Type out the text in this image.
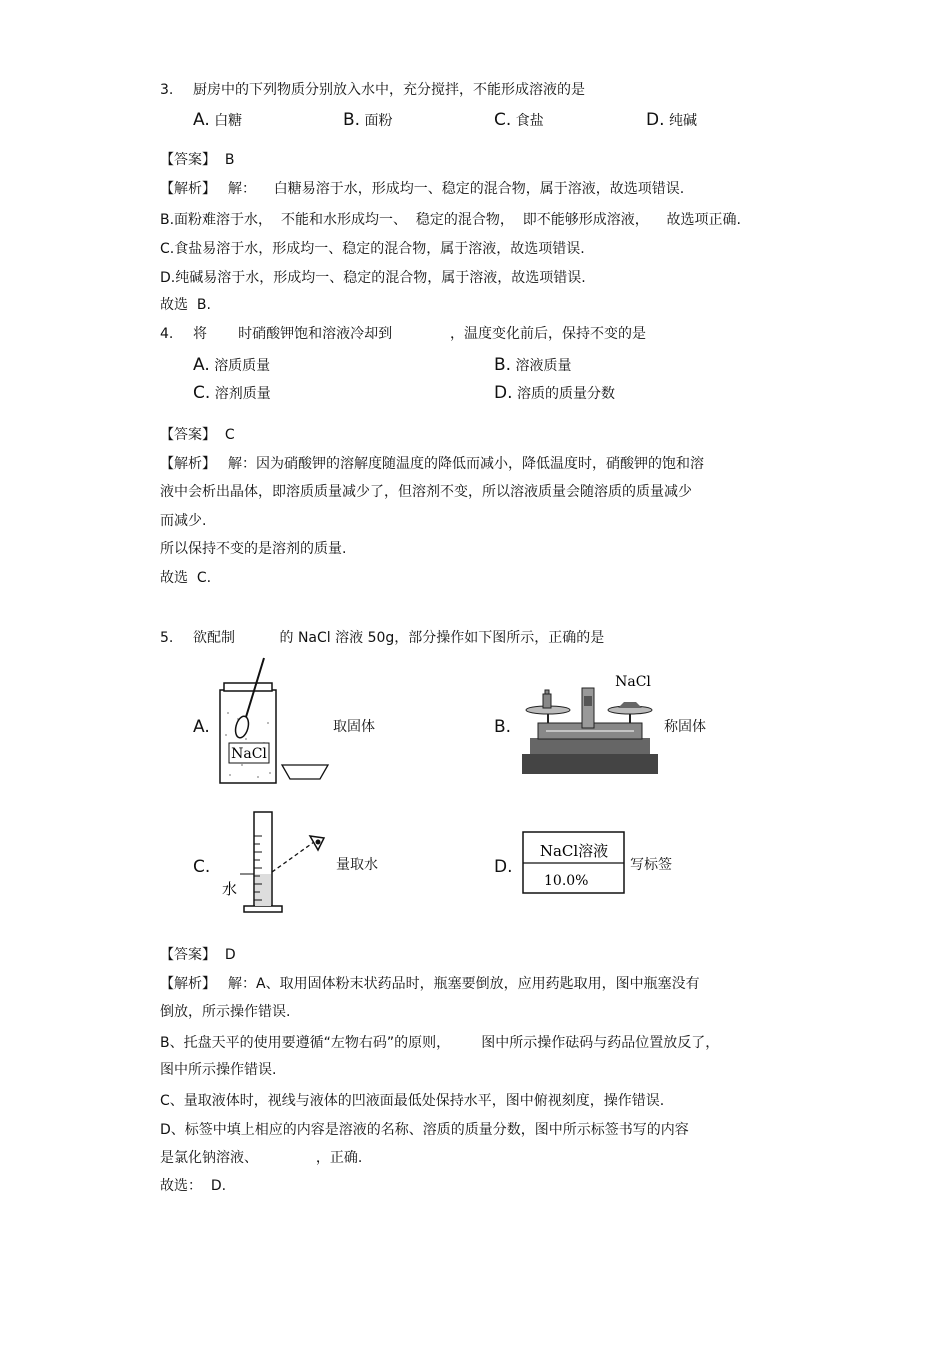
3. 厨房中的下列物质分别放入水中，充分搅拌，不能形成溶液的是
A. 白糖	B. 面粉	C. 食盐	D. 纯碱
【答案】 B
【解析】 解：    白糖易溶于水，形成均一、稳定的混合物，属于溶液，故选项错误.
B.面粉难溶于水，  不能和水形成均一、  稳定的混合物，  即不能够形成溶液，    故选项正确.
C.食盐易溶于水，形成均一、稳定的混合物，属于溶液，故选项错误.
D.纯碱易溶于水，形成均一、稳定的混合物，属于溶液，故选项错误.
故选  B.
4. 将       时硝酸钾饱和溶液冷却到             ，温度变化前后，保持不变的是
A. 溶质质量	B. 溶液质量
C. 溶剂质量	D. 溶质的质量分数
【答案】 C
【解析】 解：因为硝酸钾的溶解度随温度的降低而减小，降低温度时，硝酸钾的饱和溶
液中会析出晶体，即溶质质量减少了，但溶剂不变，所以溶液质量会随溶质的质量减少
而减少.
所以保持不变的是溶剂的质量.
故选  C.
5. 欲配制          的 NaCl 溶液 50g，部分操作如下图所示，正确的是
A.
NaCl
取固体	B.
NaCl
称固体
C.
水
量取水	D.
NaCl溶液
10.0%
写标签
【答案】 D
【解析】 解：A、取用固体粉末状药品时，瓶塞要倒放，应用药匙取用，图中瓶塞没有
倒放，所示操作错误.
B、托盘天平的使用要遵循“左物右码”的原则，       图中所示操作砝码与药品位置放反了，
图中所示操作错误.
C、量取液体时，视线与液体的凹液面最低处保持水平，图中俯视刻度，操作错误.
D、标签中填上相应的内容是溶液的名称、溶质的质量分数，图中所示标签书写的内容
是氯化钠溶液、             ，正确.
故选：  D.
